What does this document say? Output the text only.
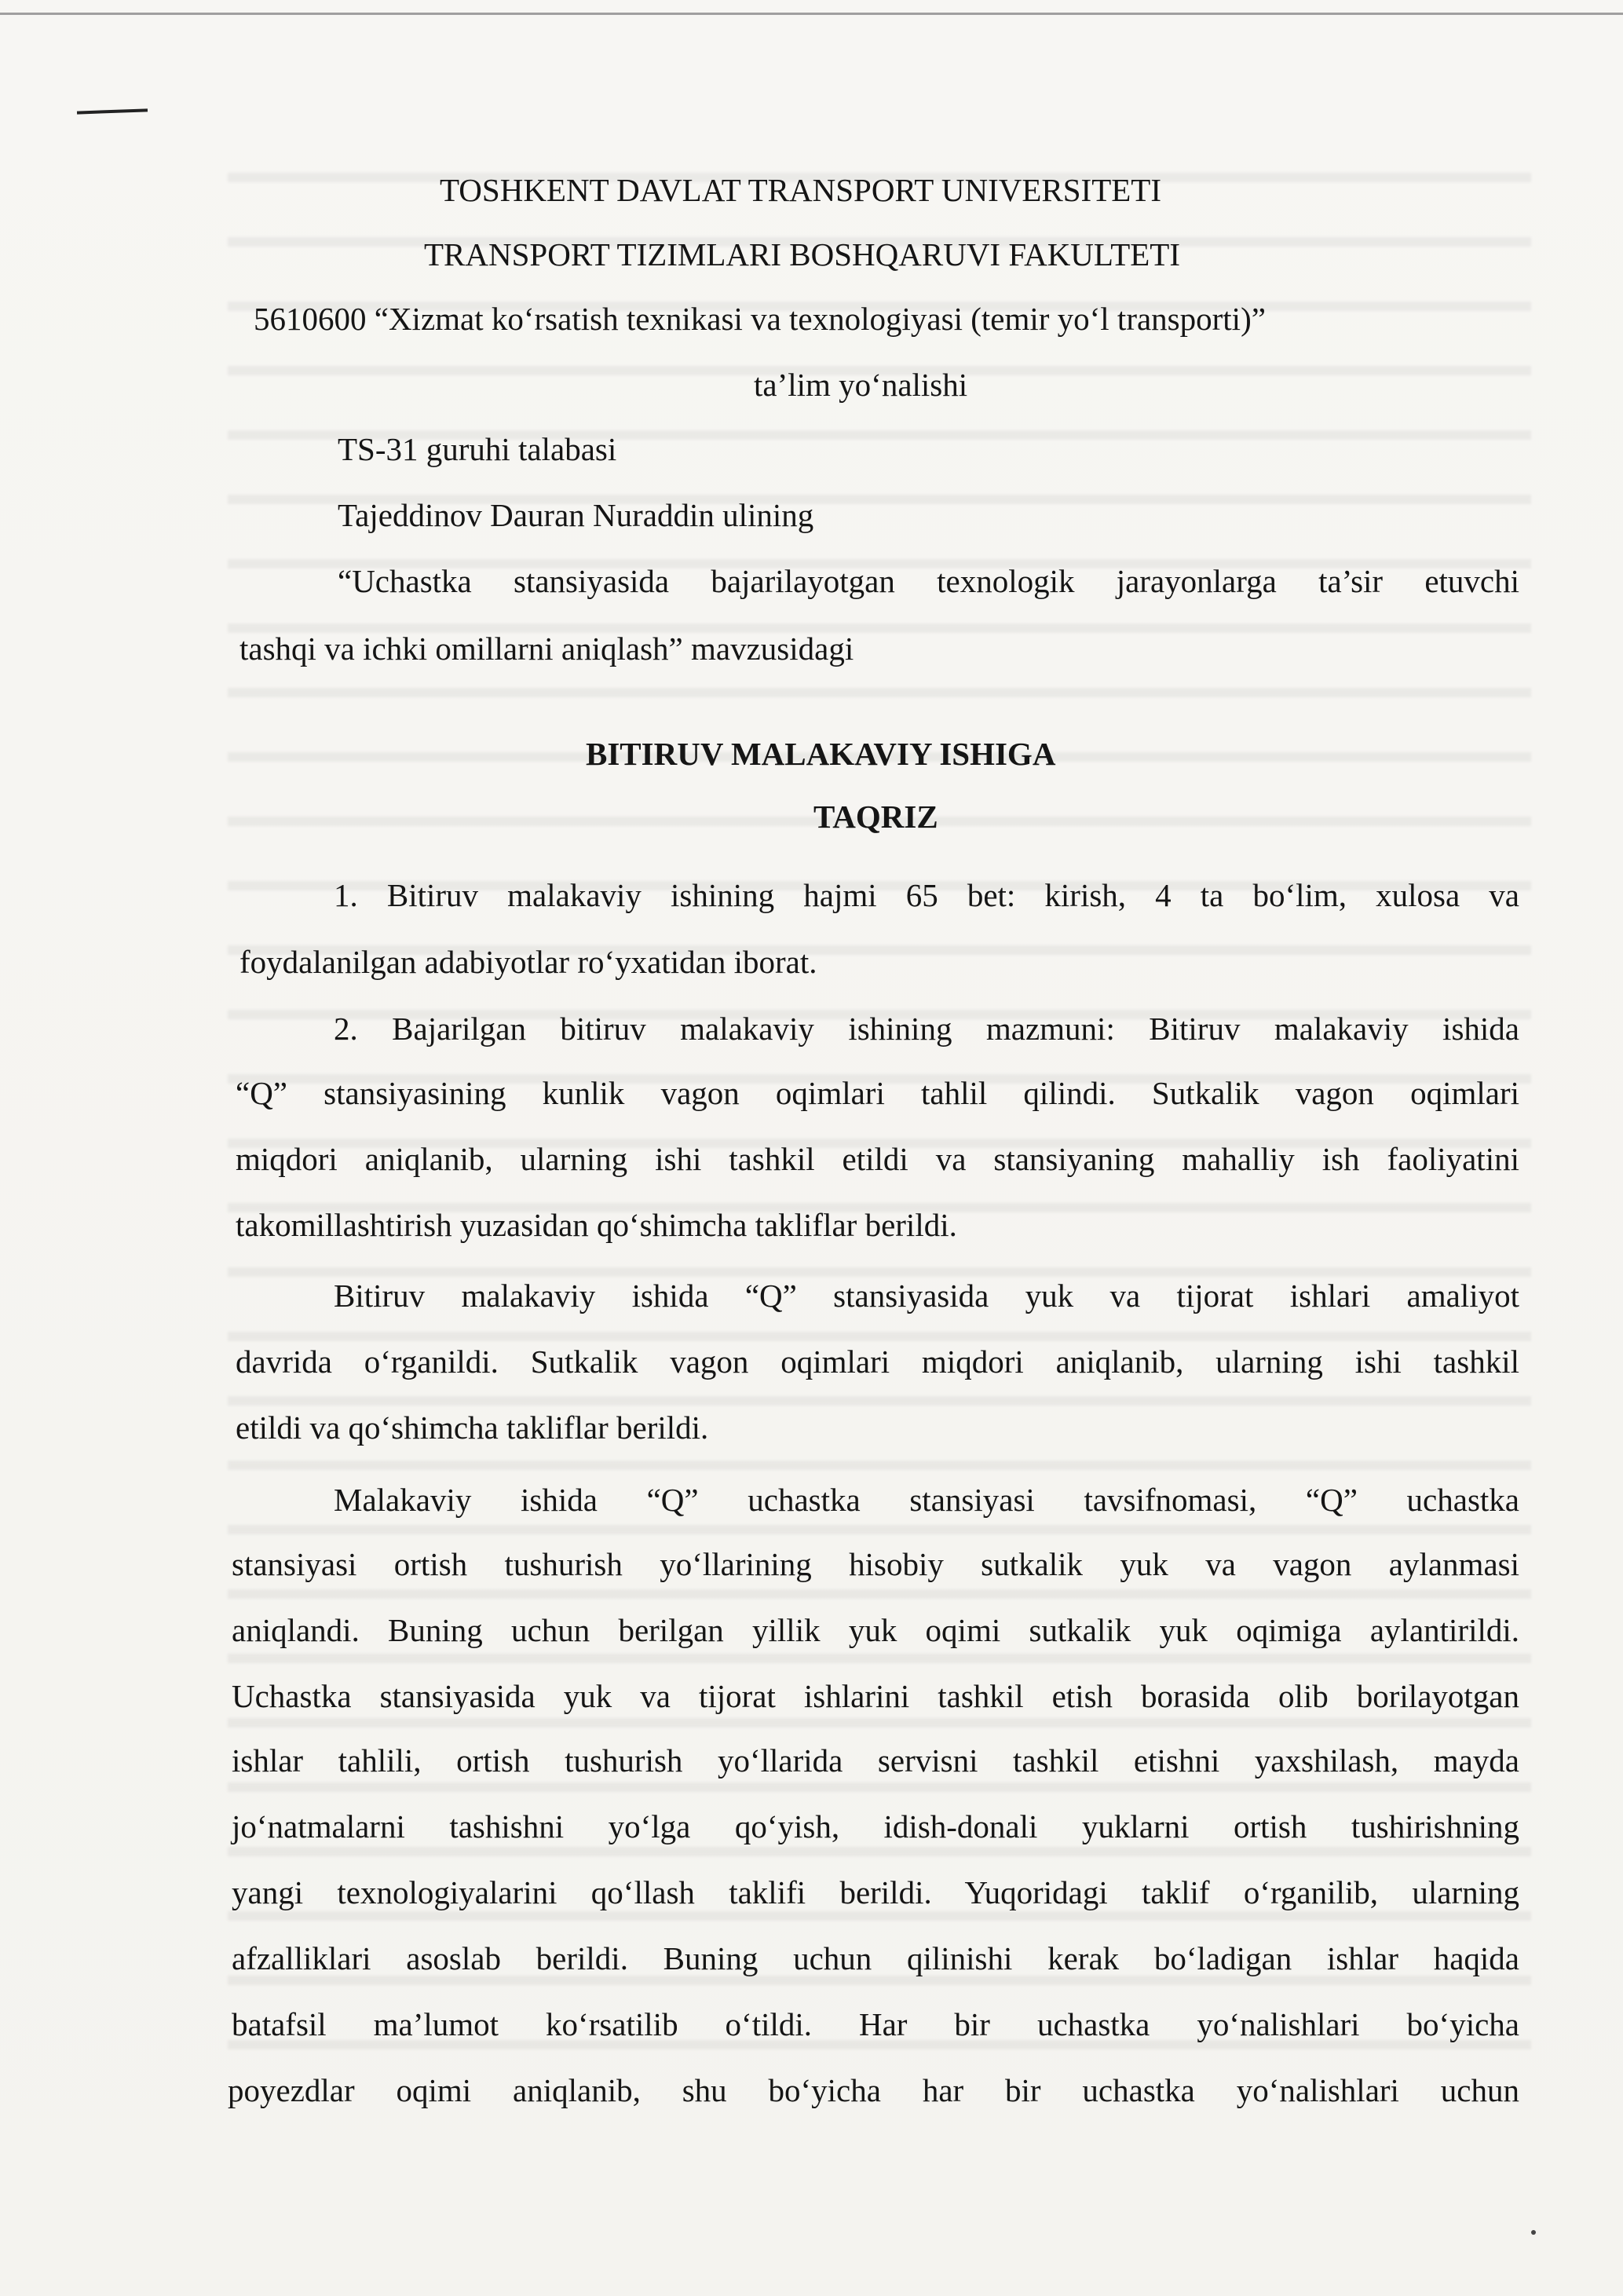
TOSHKENT DAVLAT TRANSPORT UNIVERSITETI
TRANSPORT TIZIMLARI BOSHQARUVI FAKULTETI
5610600 “Xizmat ko‘rsatish texnikasi va texnologiyasi (temir yo‘l transporti)”
ta’lim yo‘nalishi
TS-31 guruhi talabasi
Tajeddinov Dauran Nuraddin ulining
“Uchastka stansiyasida bajarilayotgan texnologik jarayonlarga ta’sir etuvchi
tashqi va ichki omillarni aniqlash” mavzusidagi
BITIRUV MALAKAVIY ISHIGA
TAQRIZ
1. Bitiruv malakaviy ishining hajmi 65 bet: kirish, 4 ta bo‘lim, xulosa va
foydalanilgan adabiyotlar ro‘yxatidan iborat.
2. Bajarilgan bitiruv malakaviy ishining mazmuni: Bitiruv malakaviy ishida
“Q” stansiyasining kunlik vagon oqimlari tahlil qilindi. Sutkalik vagon oqimlari
miqdori aniqlanib, ularning ishi tashkil etildi va stansiyaning mahalliy ish faoliyatini
takomillashtirish yuzasidan qo‘shimcha takliflar berildi.
Bitiruv malakaviy ishida “Q” stansiyasida yuk va tijorat ishlari amaliyot
davrida o‘rganildi. Sutkalik vagon oqimlari miqdori aniqlanib, ularning ishi tashkil
etildi va qo‘shimcha takliflar berildi.
Malakaviy ishida “Q” uchastka stansiyasi tavsifnomasi, “Q” uchastka
stansiyasi ortish tushurish yo‘llarining hisobiy sutkalik yuk va vagon aylanmasi
aniqlandi. Buning uchun berilgan yillik yuk oqimi sutkalik yuk oqimiga aylantirildi.
Uchastka stansiyasida yuk va tijorat ishlarini tashkil etish borasida olib borilayotgan
ishlar tahlili, ortish tushurish yo‘llarida servisni tashkil etishni yaxshilash, mayda
jo‘natmalarni tashishni yo‘lga qo‘yish, idish-donali yuklarni ortish tushirishning
yangi texnologiyalarini qo‘llash taklifi berildi. Yuqoridagi taklif o‘rganilib, ularning
afzalliklari asoslab berildi. Buning uchun qilinishi kerak bo‘ladigan ishlar haqida
batafsil ma’lumot ko‘rsatilib o‘tildi. Har bir uchastka yo‘nalishlari bo‘yicha
poyezdlar oqimi aniqlanib, shu bo‘yicha har bir uchastka yo‘nalishlari uchun
